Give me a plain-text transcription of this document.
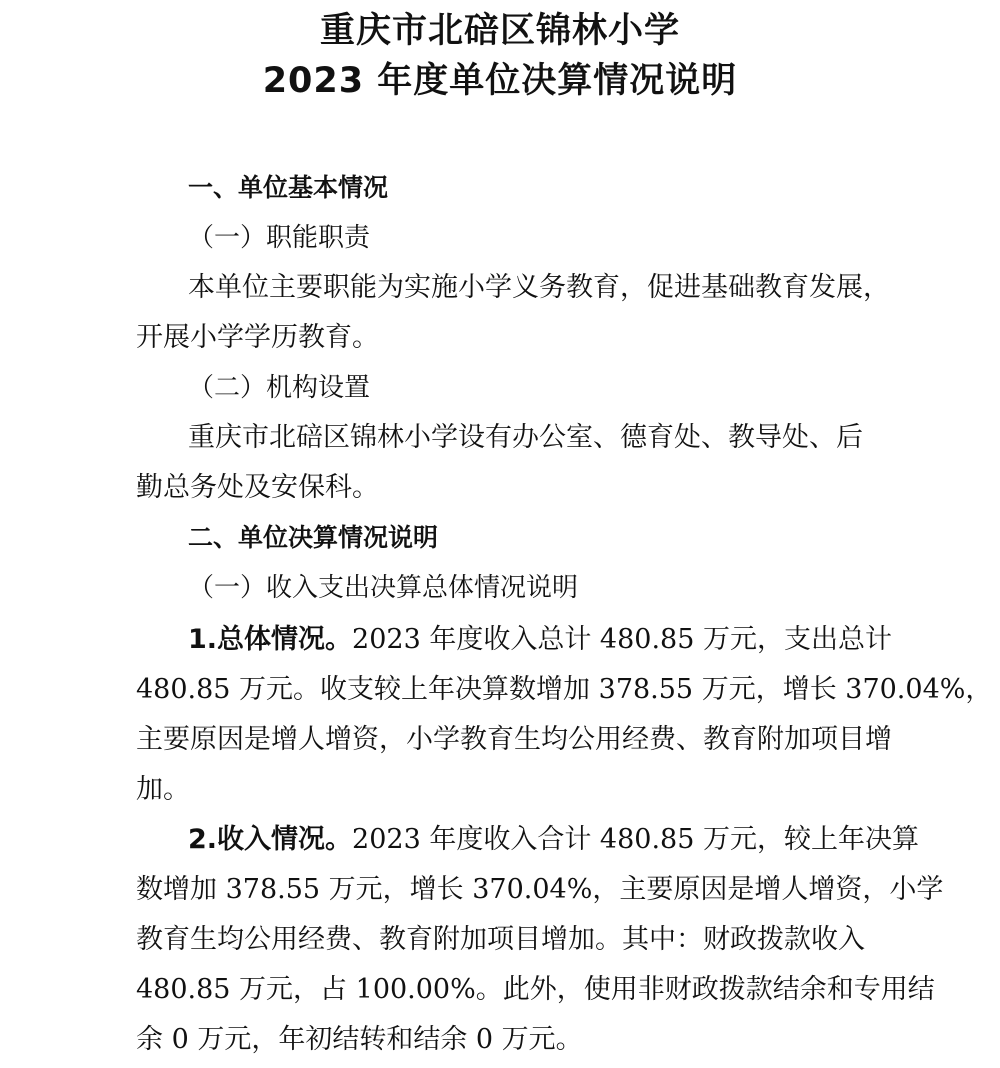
重庆市北碚区锦林小学
2023 年度单位决算情况说明
一、单位基本情况
（一）职能职责
本单位主要职能为实施小学义务教育，促进基础教育发展，
开展小学学历教育。
（二）机构设置
重庆市北碚区锦林小学设有办公室、德育处、教导处、后
勤总务处及安保科。
二、单位决算情况说明
（一）收入支出决算总体情况说明
1.总体情况。2023 年度收入总计 480.85 万元，支出总计
480.85 万元。收支较上年决算数增加 378.55 万元，增长 370.04%，
主要原因是增人增资，小学教育生均公用经费、教育附加项目增
加。
2.收入情况。2023 年度收入合计 480.85 万元，较上年决算
数增加 378.55 万元，增长 370.04%，主要原因是增人增资，小学
教育生均公用经费、教育附加项目增加。其中：财政拨款收入
480.85 万元，占 100.00%。此外，使用非财政拨款结余和专用结
余 0 万元，年初结转和结余 0 万元。
